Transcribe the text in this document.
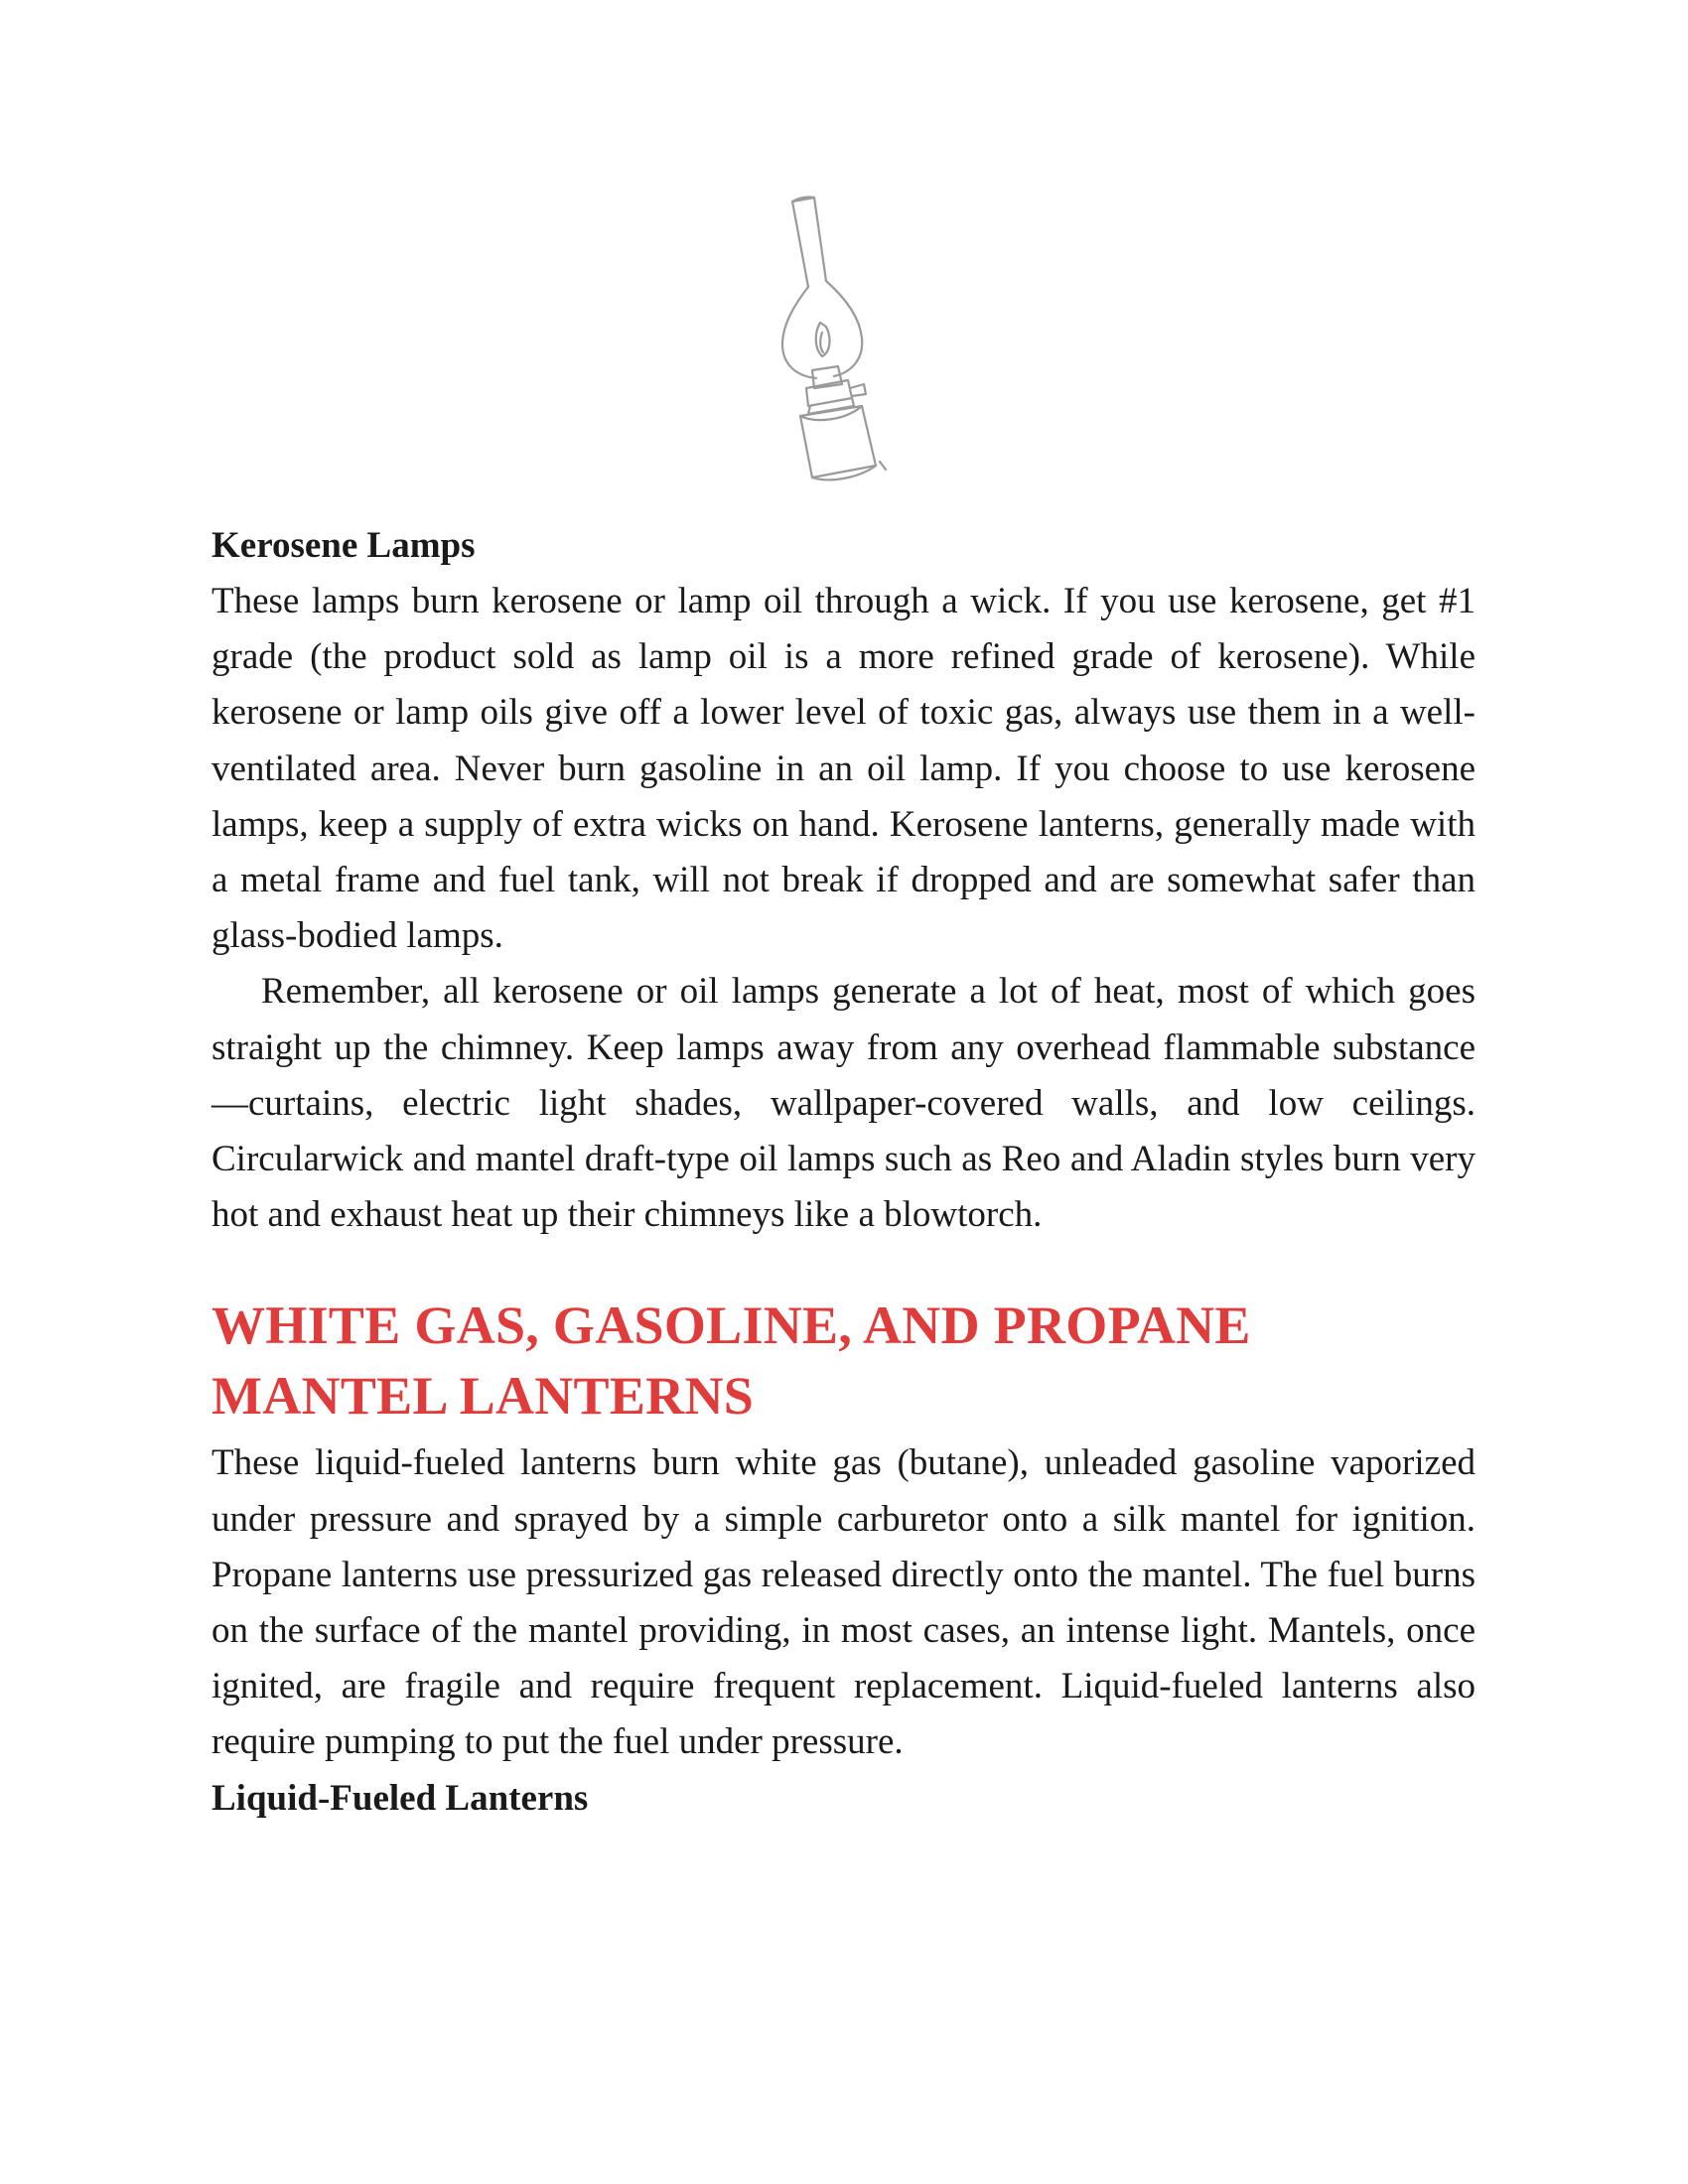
Kerosene Lamps

These lamps burn kerosene or lamp oil through a wick. If you use kerosene, get #1 grade (the product sold as lamp oil is a more refined grade of kerosene). While kerosene or lamp oils give off a lower level of toxic gas, always use them in a well-ventilated area. Never burn gasoline in an oil lamp. If you choose to use kerosene lamps, keep a supply of extra wicks on hand. Kerosene lanterns, generally made with a metal frame and fuel tank, will not break if dropped and are somewhat safer than glass-bodied lamps.

Remember, all kerosene or oil lamps generate a lot of heat, most of which goes straight up the chimney. Keep lamps away from any overhead flammable substance—curtains, electric light shades, wallpaper-covered walls, and low ceilings. Circularwick and mantel draft-type oil lamps such as Reo and Aladin styles burn very hot and exhaust heat up their chimneys like a blowtorch.

WHITE GAS, GASOLINE, AND PROPANE
MANTEL LANTERNS

These liquid-fueled lanterns burn white gas (butane), unleaded gasoline vaporized under pressure and sprayed by a simple carburetor onto a silk mantel for ignition. Propane lanterns use pressurized gas released directly onto the mantel. The fuel burns on the surface of the mantel providing, in most cases, an intense light. Mantels, once ignited, are fragile and require frequent replacement. Liquid-fueled lanterns also require pumping to put the fuel under pressure.

Liquid-Fueled Lanterns
